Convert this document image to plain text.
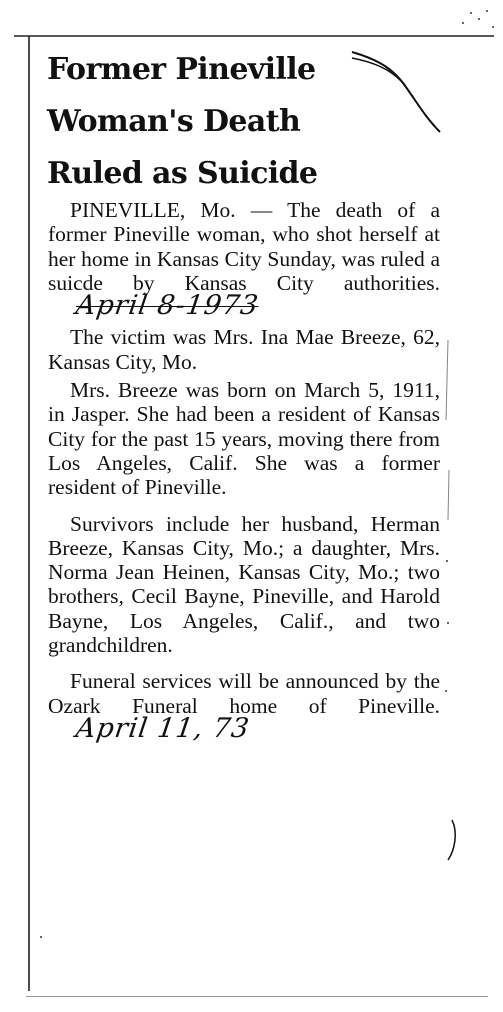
Former Pineville
Woman's Death
Ruled as Suicide

PINEVILLE, Mo. — The death of a former Pineville woman, who shot herself at her home in Kansas City Sunday, was ruled a suicde by Kansas City authorities.April 8-1973

The victim was Mrs. Ina Mae Breeze, 62, Kansas City, Mo.

Mrs. Breeze was born on March 5, 1911, in Jasper. She had been a resident of Kansas City for the past 15 years, moving there from Los Angeles, Calif. She was a former resident of Pineville.

Survivors include her husband, Herman Breeze, Kansas City, Mo.; a daughter, Mrs. Norma Jean Heinen, Kansas City, Mo.; two brothers, Cecil Bayne, Pineville, and Harold Bayne, Los Angeles, Calif., and two grandchildren.

Funeral services will be announced by the Ozark Funeral home of Pineville.April 11, 73
